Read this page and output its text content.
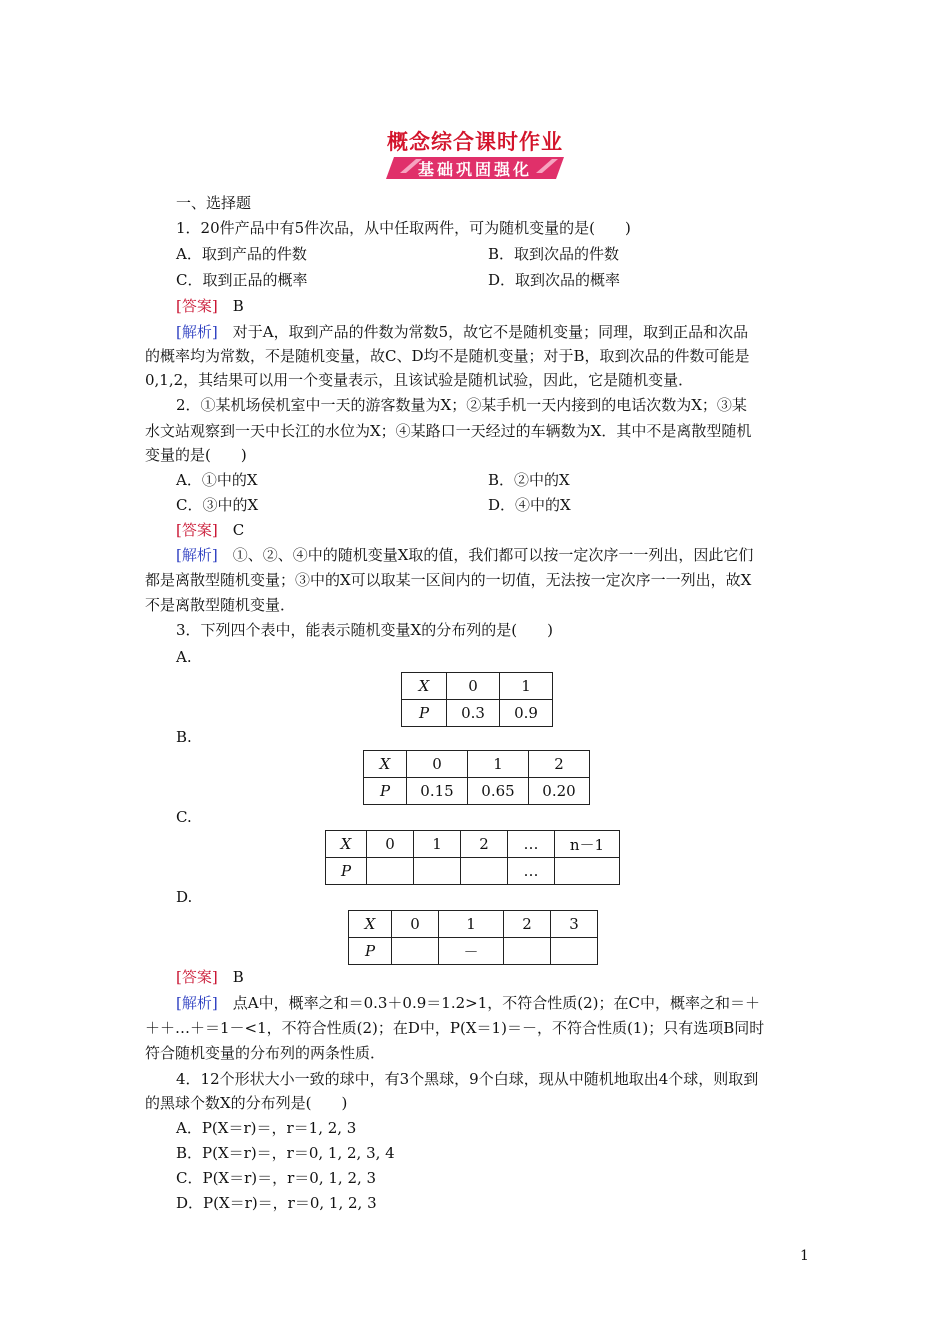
概念综合课时作业
基础巩固强化
一、选择题
1．20件产品中有5件次品，从中任取两件，可为随机变量的是(　　)
A．取到产品的件数	B．取到次品的件数
C．取到正品的概率	D．取到次品的概率
[答案]　 B
[解析]　 对于A，取到产品的件数为常数5，故它不是随机变量；同理，取到正品和次品
的概率均为常数，不是随机变量，故C、D均不是随机变量；对于B，取到次品的件数可能是
0,1,2，其结果可以用一个变量表示，且该试验是随机试验，因此，它是随机变量．
2．①某机场侯机室中一天的游客数量为X；②某手机一天内接到的电话次数为X；③某
水文站观察到一天中长江的水位为X；④某路口一天经过的车辆数为X．其中不是离散型随机
变量的是(　　)
A．①中的X	B．②中的X
C．③中的X	D．④中的X
[答案]　 C
[解析]　 ①、②、④中的随机变量X取的值，我们都可以按一定次序一一列出，因此它们
都是离散型随机变量；③中的X可以取某一区间内的一切值，无法按一定次序一一列出，故X
不是离散型随机变量．
3．下列四个表中，能表示随机变量X的分布列的是(　　)
A.
X	0	1
P	0.3	0.9
B.
X	0	1	2
P	0.15	0.65	0.20
C.
X	0	1	2	…	n－1
P				…	
D.
X	0	1	2	3
P		－		
[答案]　 B
[解析]　 点A中，概率之和＝0.3＋0.9＝1.2>1，不符合性质(2)；在C中，概率之和＝＋
＋＋…＋＝1－<1，不符合性质(2)；在D中，P(X＝1)＝－，不符合性质(1)；只有选项B同时
符合随机变量的分布列的两条性质．
4．12个形状大小一致的球中，有3个黑球，9个白球，现从中随机地取出4个球，则取到
的黑球个数X的分布列是(　　)
A．P(X＝r)＝，r＝1, 2, 3
B．P(X＝r)＝，r＝0, 1, 2, 3, 4
C．P(X＝r)＝，r＝0, 1, 2, 3
D．P(X＝r)＝，r＝0, 1, 2, 3
1
